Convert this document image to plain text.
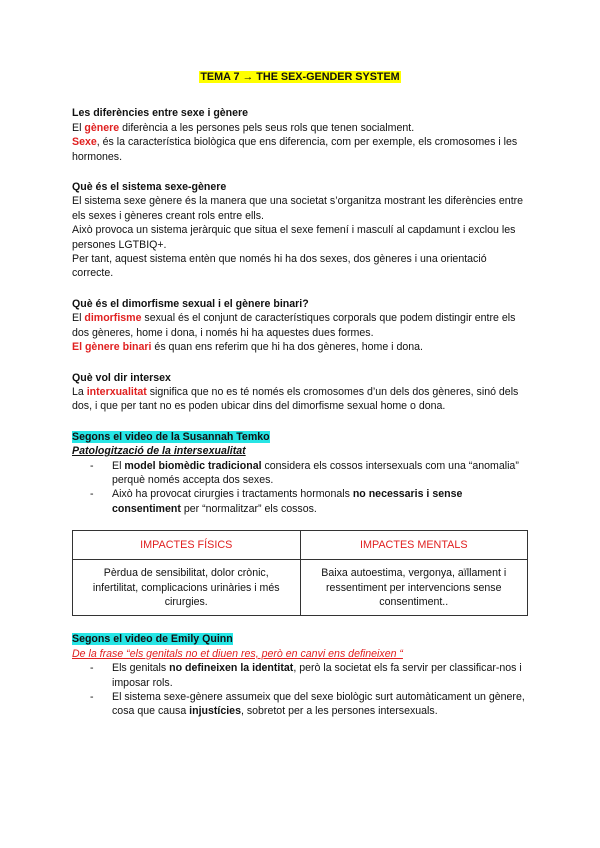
TEMA 7 → THE SEX-GENDER SYSTEM

Les diferències entre sexe i gènere

El gènere diferència a les persones pels seus rols que tenen socialment.

Sexe, és la característica biològica que ens diferencia, com per exemple, els cromosomes i les hormones.

Què és el sistema sexe-gènere

El sistema sexe gènere és la manera que una societat s’organitza mostrant les diferències entre els sexes i gèneres creant rols entre ells.

Això provoca un sistema jeràrquic que situa el sexe femení i masculí al capdamunt i exclou les persones LGTBIQ+.

Per tant, aquest sistema entèn que només hi ha dos sexes, dos gèneres i una orientació correcte.

Què és el dimorfisme sexual i el gènere binari?

El dimorfisme sexual és el conjunt de característiques corporals que podem distingir entre els dos gèneres, home i dona, i només hi ha aquestes dues formes.

El gènere binari és quan ens referim que hi ha dos gèneres, home i dona.

Què vol dir intersex

La interxualitat significa que no es té només els cromosomes d’un dels dos gèneres, sinó dels dos, i que per tant no es poden ubicar dins del dimorfisme sexual home o dona.

Segons el video de la Susannah Temko

Patologització de la intersexualitat

- El model biomèdic tradicional considera els cossos intersexuals com una “anomalia” perquè només accepta dos sexes.
- Això ha provocat cirurgies i tractaments hormonals no necessaris i sense consentiment per “normalitzar” els cossos.
IMPACTES FÍSICS	IMPACTES MENTALS
Pèrdua de sensibilitat, dolor crònic, infertilitat, complicacions urinàries i més cirurgies.	Baixa autoestima, vergonya, aïllament i ressentiment per intervencions sense consentiment..

Segons el video de Emily Quinn

De la frase “els genitals no et diuen res, però en canvi ens defineixen “

- Els genitals no defineixen la identitat, però la societat els fa servir per classificar-nos i imposar rols.
- El sistema sexe-gènere assumeix que del sexe biològic surt automàticament un gènere, cosa que causa injustícies, sobretot per a les persones intersexuals.
